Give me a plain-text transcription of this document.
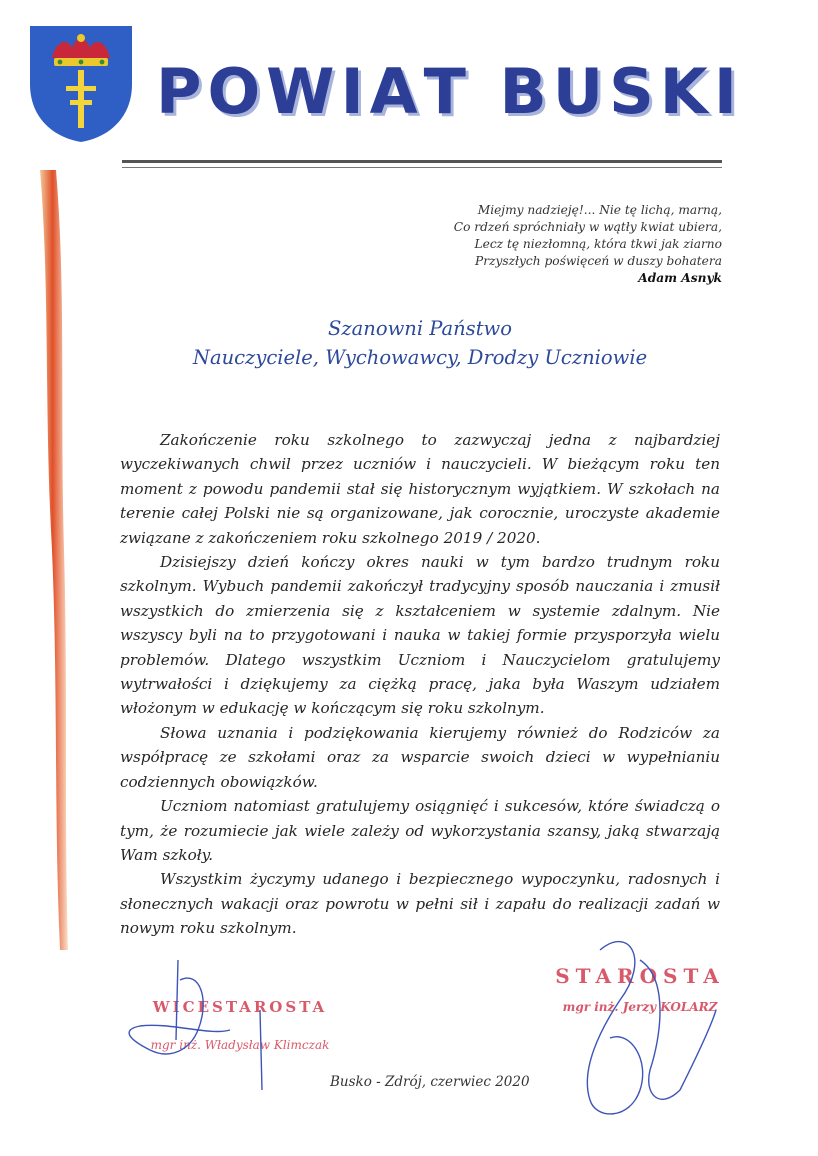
P O W I A T
B U S K I
Miejmy nadzieję!... Nie tę lichą, marną,
Co rdzeń spróchniały w wątły kwiat ubiera,
Lecz tę niezłomną, która tkwi jak ziarno
Przyszłych poświęceń w duszy bohatera
Adam Asnyk
Szanowni Państwo
Nauczyciele, Wychowawcy, Drodzy Uczniowie

Zakończenie roku szkolnego to zazwyczaj jedna z najbardziej wyczekiwanych chwil przez uczniów i nauczycieli. W bieżącym roku ten moment z powodu pandemii stał się historycznym wyjątkiem. W szkołach na terenie całej Polski nie są organizowane, jak corocznie, uroczyste akademie związane z zakończeniem roku szkolnego 2019 / 2020.

Dzisiejszy dzień kończy okres nauki w tym bardzo trudnym roku szkolnym. Wybuch pandemii zakończył tradycyjny sposób nauczania i zmusił wszystkich do zmierzenia się z kształceniem w systemie zdalnym. Nie wszyscy byli na to przygotowani i nauka w takiej formie przysporzyła wielu problemów. Dlatego wszystkim Uczniom i Nauczycielom gratulujemy wytrwałości i dziękujemy za ciężką pracę, jaka była Waszym udziałem włożonym w edukację w kończącym się roku szkolnym.

Słowa uznania i podziękowania kierujemy również do Rodziców za współpracę ze szkołami oraz za wsparcie swoich dzieci w wypełnianiu codziennych obowiązków.

Uczniom natomiast gratulujemy osiągnięć i sukcesów, które świadczą o tym, że rozumiecie jak wiele zależy od wykorzystania szansy, jaką stwarzają Wam szkoły.

Wszystkim życzymy udanego i bezpiecznego wypoczynku, radosnych i słonecznych wakacji oraz powrotu w pełni sił i zapału do realizacji zadań w nowym roku szkolnym.

WICESTAROSTA
mgr inż. Władysław Klimczak
STAROSTA
mgr inż. Jerzy KOLARZ
Busko - Zdrój, czerwiec 2020
